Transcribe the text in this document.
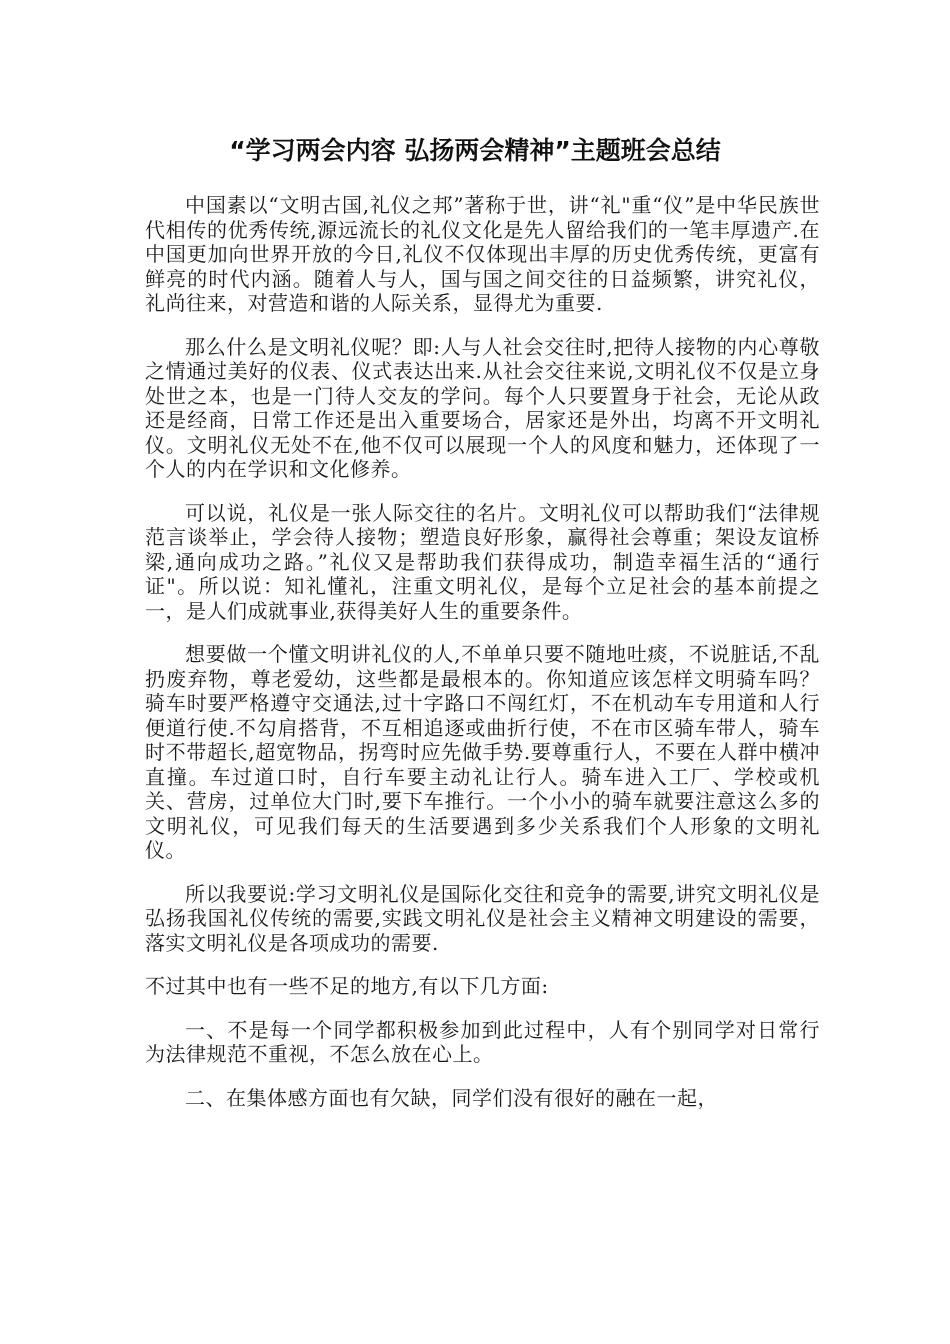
“学习两会内容 弘扬两会精神”主题班会总结

中国素以“文明古国,礼仪之邦”著称于世，讲“礼"重“仪”是中华民族世代相传的优秀传统,源远流长的礼仪文化是先人留给我们的一笔丰厚遗产.在中国更加向世界开放的今日,礼仪不仅体现出丰厚的历史优秀传统，更富有鲜亮的时代内涵。随着人与人，国与国之间交往的日益频繁，讲究礼仪，礼尚往来，对营造和谐的人际关系，显得尤为重要.

那么什么是文明礼仪呢？即:人与人社会交往时,把待人接物的内心尊敬之情通过美好的仪表、仪式表达出来.从社会交往来说,文明礼仪不仅是立身处世之本，也是一门待人交友的学问。每个人只要置身于社会，无论从政还是经商，日常工作还是出入重要场合，居家还是外出，均离不开文明礼仪。文明礼仪无处不在,他不仅可以展现一个人的风度和魅力，还体现了一个人的内在学识和文化修养。

可以说，礼仪是一张人际交往的名片。文明礼仪可以帮助我们“法律规范言谈举止，学会待人接物；塑造良好形象，赢得社会尊重；架设友谊桥梁,通向成功之路。”礼仪又是帮助我们获得成功，制造幸福生活的“通行证"。所以说：知礼懂礼，注重文明礼仪，是每个立足社会的基本前提之一，是人们成就事业,获得美好人生的重要条件。

想要做一个懂文明讲礼仪的人,不单单只要不随地吐痰，不说脏话,不乱扔废弃物，尊老爱幼，这些都是最根本的。你知道应该怎样文明骑车吗？骑车时要严格遵守交通法,过十字路口不闯红灯，不在机动车专用道和人行便道行使.不勾肩搭背，不互相追逐或曲折行使，不在市区骑车带人，骑车时不带超长,超宽物品，拐弯时应先做手势.要尊重行人，不要在人群中横冲直撞。车过道口时，自行车要主动礼让行人。骑车进入工厂、学校或机关、营房，过单位大门时,要下车推行。一个小小的骑车就要注意这么多的文明礼仪，可见我们每天的生活要遇到多少关系我们个人形象的文明礼仪。

所以我要说:学习文明礼仪是国际化交往和竞争的需要,讲究文明礼仪是弘扬我国礼仪传统的需要,实践文明礼仪是社会主义精神文明建设的需要，落实文明礼仪是各项成功的需要.

不过其中也有一些不足的地方,有以下几方面:

一、不是每一个同学都积极参加到此过程中，人有个别同学对日常行为法律规范不重视，不怎么放在心上。

二、在集体感方面也有欠缺，同学们没有很好的融在一起，
